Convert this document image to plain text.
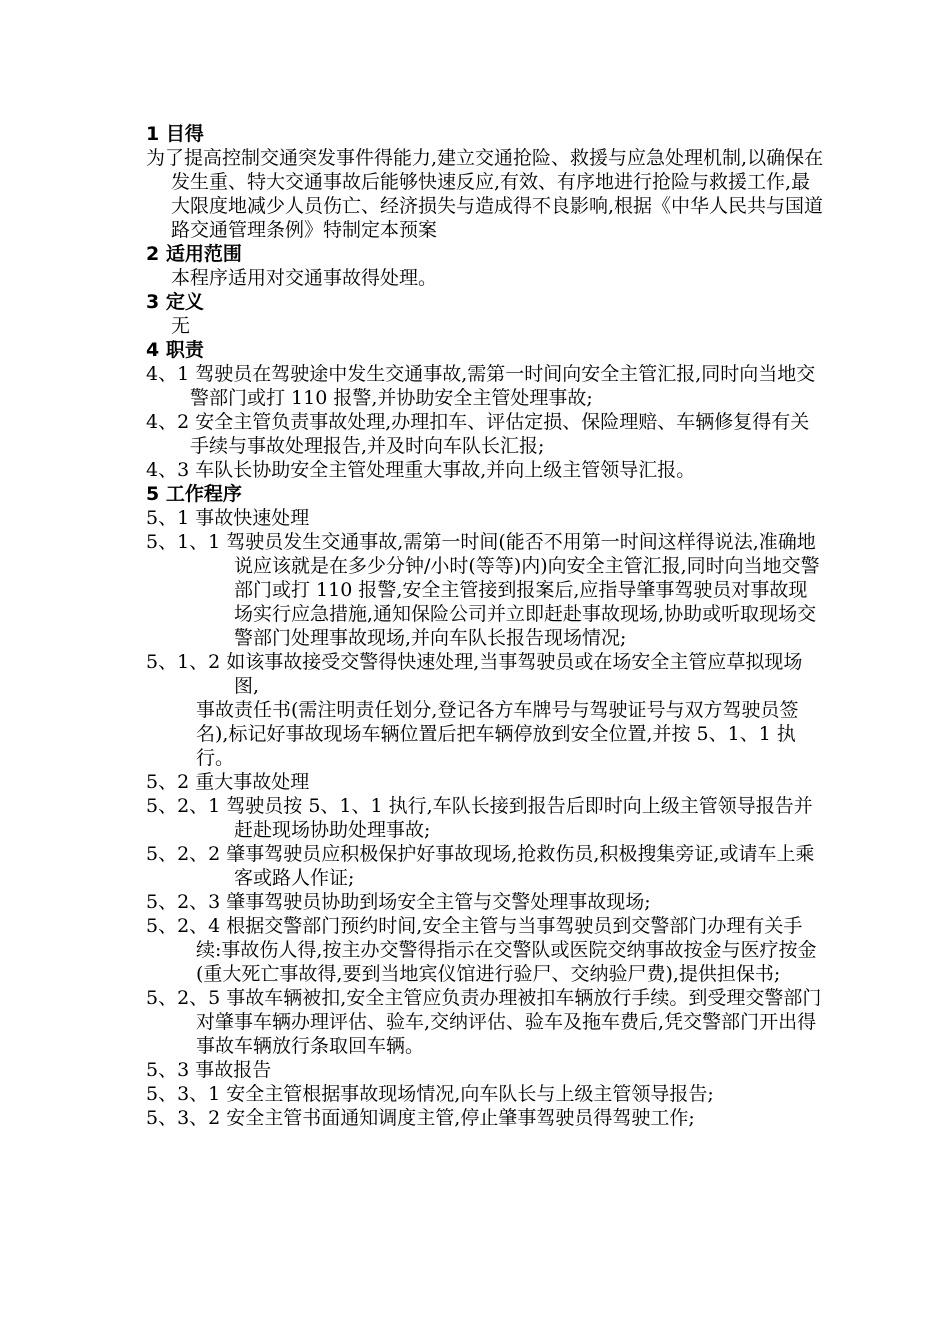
1 目得

为了提高控制交通突发事件得能力,建立交通抢险、救援与应急处理机制,以确保在发生重、特大交通事故后能够快速反应,有效、有序地进行抢险与救援工作,最大限度地减少人员伤亡、经济损失与造成得不良影响,根据《中华人民共与国道路交通管理条例》特制定本预案

2 适用范围

本程序适用对交通事故得处理。

3 定义

无

4 职责

4、1 驾驶员在驾驶途中发生交通事故,需第一时间向安全主管汇报,同时向当地交警部门或打 110 报警,并协助安全主管处理事故;

4、2 安全主管负责事故处理,办理扣车、评估定损、保险理赔、车辆修复得有关手续与事故处理报告,并及时向车队长汇报;

4、3 车队长协助安全主管处理重大事故,并向上级主管领导汇报。

5 工作程序

5、1 事故快速处理

5、1、1 驾驶员发生交通事故,需第一时间(能否不用第一时间这样得说法,准确地说应该就是在多少分钟/小时(等等)内)向安全主管汇报,同时向当地交警部门或打 110 报警,安全主管接到报案后,应指导肇事驾驶员对事故现场实行应急措施,通知保险公司并立即赶赴事故现场,协助或听取现场交警部门处理事故现场,并向车队长报告现场情况;

5、1、2 如该事故接受交警得快速处理,当事驾驶员或在场安全主管应草拟现场图,

事故责任书(需注明责任划分,登记各方车牌号与驾驶证号与双方驾驶员签名),标记好事故现场车辆位置后把车辆停放到安全位置,并按 5、1、1 执行。

5、2 重大事故处理

5、2、1 驾驶员按 5、1、1 执行,车队长接到报告后即时向上级主管领导报告并赶赴现场协助处理事故;

5、2、2 肇事驾驶员应积极保护好事故现场,抢救伤员,积极搜集旁证,或请车上乘客或路人作证;

5、2、3 肇事驾驶员协助到场安全主管与交警处理事故现场;

5、2、4 根据交警部门预约时间,安全主管与当事驾驶员到交警部门办理有关手续:事故伤人得,按主办交警得指示在交警队或医院交纳事故按金与医疗按金(重大死亡事故得,要到当地宾仪馆进行验尸、交纳验尸费),提供担保书;

5、2、5 事故车辆被扣,安全主管应负责办理被扣车辆放行手续。到受理交警部门对肇事车辆办理评估、验车,交纳评估、验车及拖车费后,凭交警部门开出得事故车辆放行条取回车辆。

5、3 事故报告

5、3、1 安全主管根据事故现场情况,向车队长与上级主管领导报告;

5、3、2 安全主管书面通知调度主管,停止肇事驾驶员得驾驶工作;
